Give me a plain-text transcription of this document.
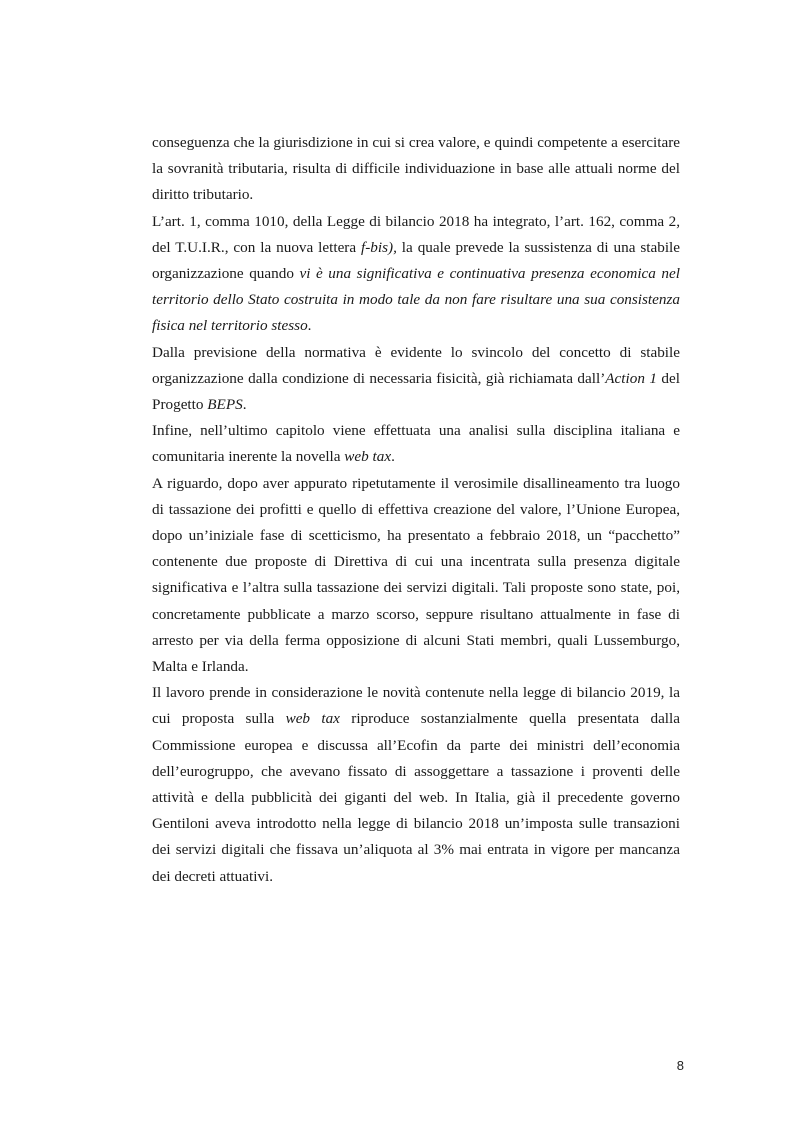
conseguenza che la giurisdizione in cui si crea valore, e quindi competente a esercitare la sovranità tributaria, risulta di difficile individuazione in base alle attuali norme del diritto tributario.

L’art. 1, comma 1010, della Legge di bilancio 2018 ha integrato, l’art. 162, comma 2, del T.U.I.R., con la nuova lettera f-bis), la quale prevede la sussistenza di una stabile organizzazione quando vi è una significativa e continuativa presenza economica nel territorio dello Stato costruita in modo tale da non fare risultare una sua consistenza fisica nel territorio stesso.

Dalla previsione della normativa è evidente lo svincolo del concetto di stabile organizzazione dalla condizione di necessaria fisicità, già richiamata dall’Action 1 del Progetto BEPS.

Infine, nell’ultimo capitolo viene effettuata una analisi sulla disciplina italiana e comunitaria inerente la novella web tax.

A riguardo, dopo aver appurato ripetutamente il verosimile disallineamento tra luogo di tassazione dei profitti e quello di effettiva creazione del valore, l’Unione Europea, dopo un’iniziale fase di scetticismo, ha presentato a febbraio 2018, un “pacchetto” contenente due proposte di Direttiva di cui una incentrata sulla presenza digitale significativa e l’altra sulla tassazione dei servizi digitali. Tali proposte sono state, poi, concretamente pubblicate a marzo scorso, seppure risultano attualmente in fase di arresto per via della ferma opposizione di alcuni Stati membri, quali Lussemburgo, Malta e Irlanda.

Il lavoro prende in considerazione le novità contenute nella legge di bilancio 2019, la cui proposta sulla web tax riproduce sostanzialmente quella presentata dalla Commissione europea e discussa all’Ecofin da parte dei ministri dell’economia dell’eurogruppo, che avevano fissato di assoggettare a tassazione i proventi delle attività e della pubblicità dei giganti del web. In Italia, già il precedente governo Gentiloni aveva introdotto nella legge di bilancio 2018 un’imposta sulle transazioni dei servizi digitali che fissava un’aliquota al 3% mai entrata in vigore per mancanza dei decreti attuativi.

8
